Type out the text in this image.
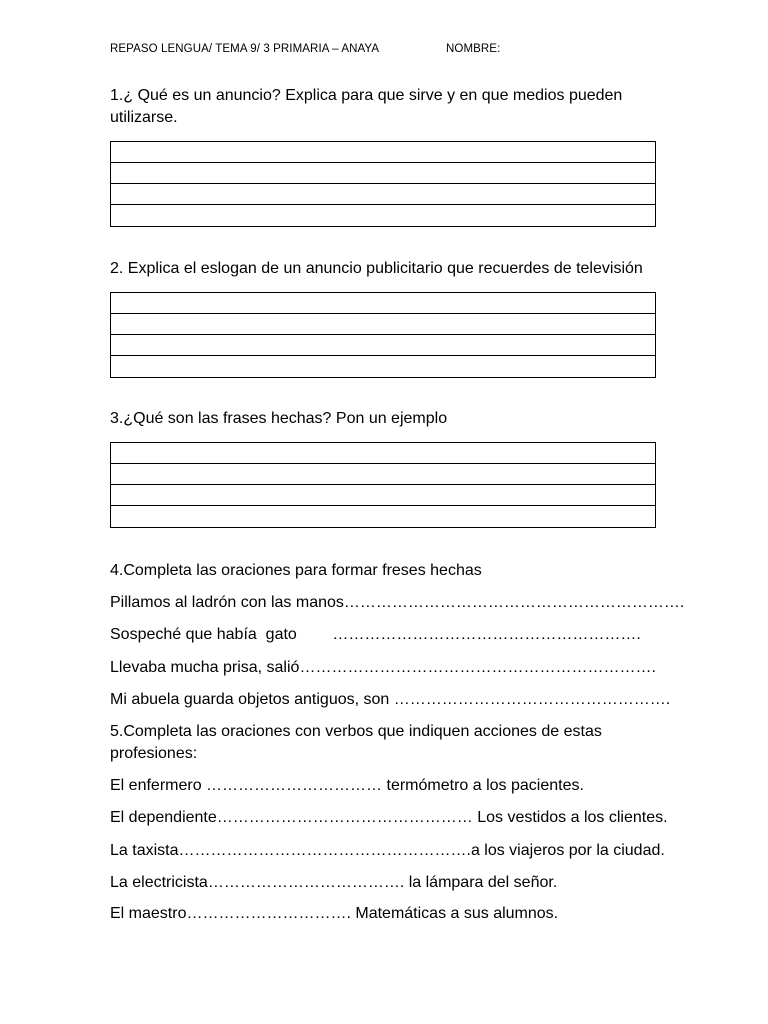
REPASO LENGUA/ TEMA 9/ 3 PRIMARIA – ANAYA	NOMBRE:
1.¿ Qué es un anuncio? Explica para que sirve y en que medios pueden utilizarse.
2. Explica el eslogan de un anuncio publicitario que recuerdes de televisión
3.¿Qué son las frases hechas? Pon un ejemplo
4.Completa las oraciones para formar freses hechas
Pillamos al ladrón con las manos……………………………………………………….
Sospeché que había  gato        ………………………………………………….
Llevaba mucha prisa, salió………………………………………………………….
Mi abuela guarda objetos antiguos, son …………………………………………….
5.Completa las oraciones con verbos que indiquen acciones de estas profesiones:
El enfermero …………………………… termómetro a los pacientes.
El dependiente………………………………………… Los vestidos a los clientes.
La taxista……………………………………………….a los viajeros por la ciudad.
La electricista………………………………. la lámpara del señor.
El maestro…………………………. Matemáticas a sus alumnos.
